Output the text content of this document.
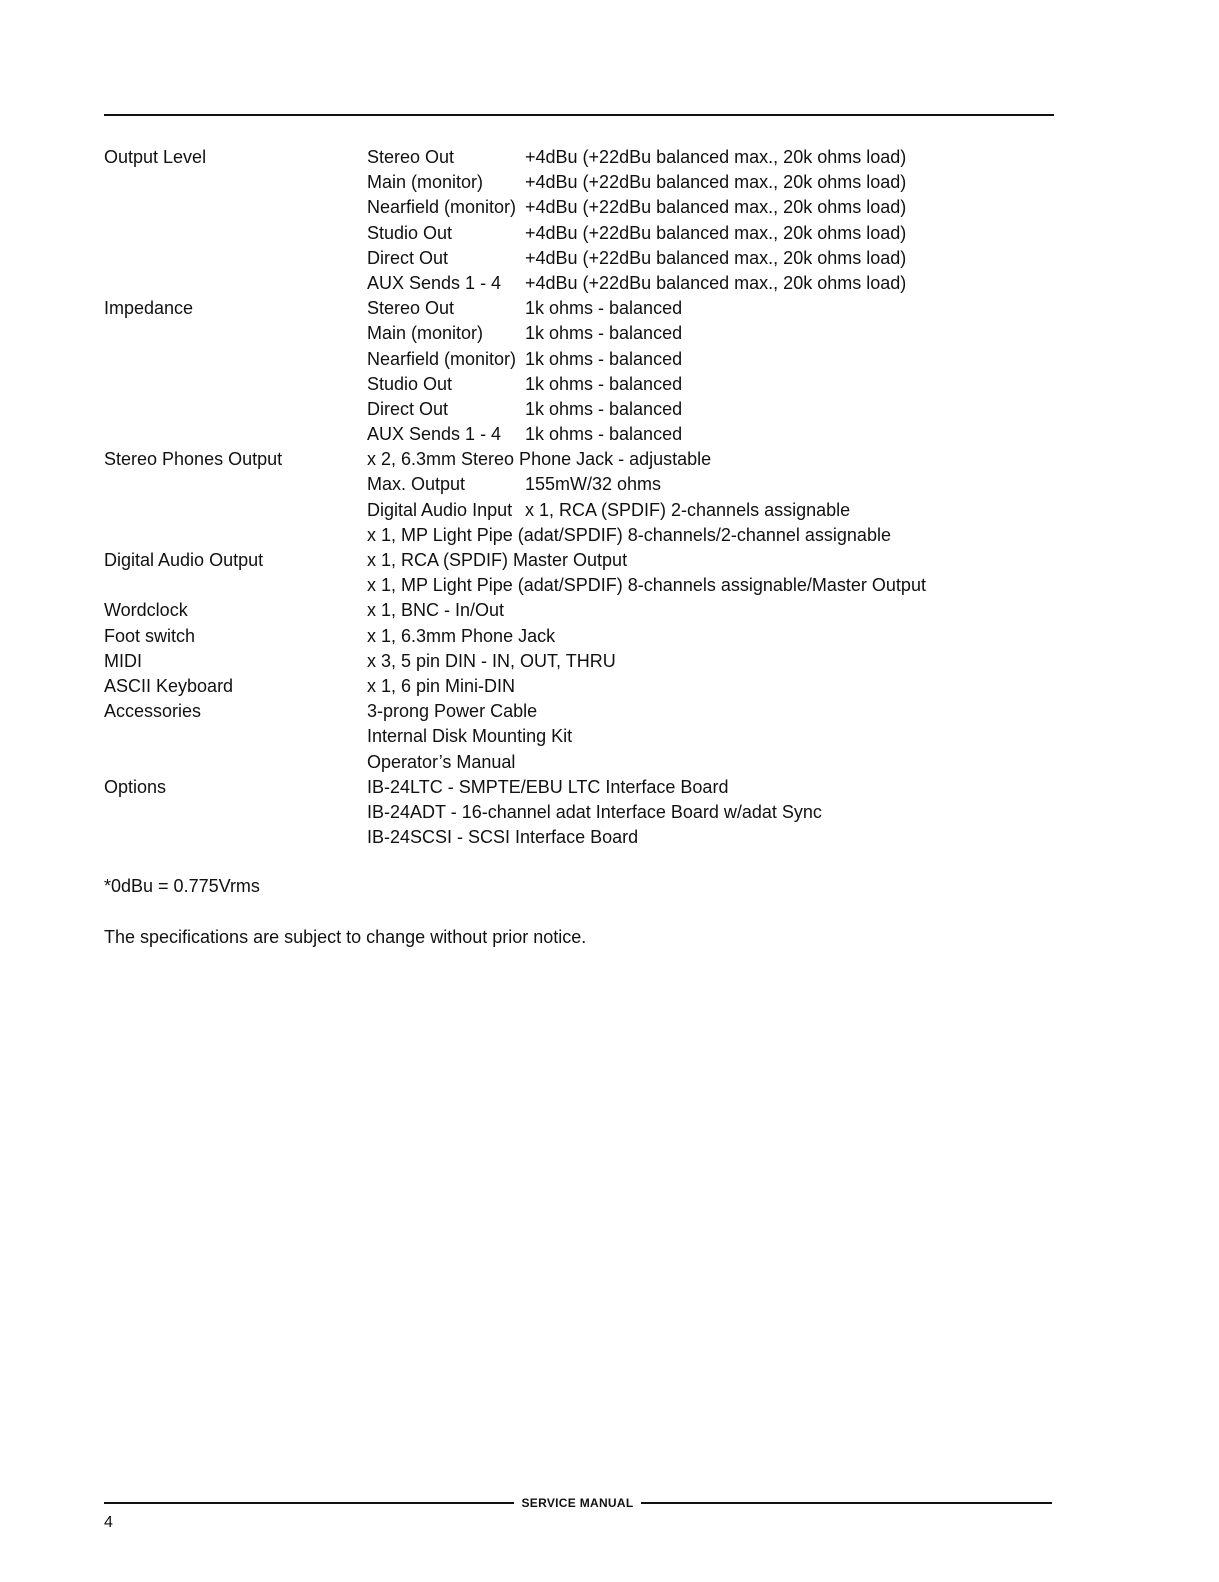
Output Level	Stereo Out	+4dBu (+22dBu balanced max., 20k ohms load)
Main (monitor) +4dBu (+22dBu balanced max., 20k ohms load)
Nearfield (monitor) +4dBu (+22dBu balanced max., 20k ohms load)
Studio Out	+4dBu (+22dBu balanced max., 20k ohms load)
Direct Out	+4dBu (+22dBu balanced max., 20k ohms load)
AUX Sends 1 - 4 +4dBu (+22dBu balanced max., 20k ohms load)
Impedance	Stereo Out	1k ohms - balanced
Main (monitor) 1k ohms - balanced
Nearfield (monitor) 1k ohms - balanced
Studio Out	1k ohms - balanced
Direct Out	1k ohms - balanced
AUX Sends 1 - 4 1k ohms - balanced
Stereo Phones Output	x 2, 6.3mm Stereo Phone Jack - adjustable
Max. Output	155mW/32 ohms
Digital Audio Input x 1, RCA (SPDIF) 2-channels assignable
x 1, MP Light Pipe (adat/SPDIF) 8-channels/2-channel assignable
Digital Audio Output	x 1, RCA (SPDIF) Master Output
x 1, MP Light Pipe (adat/SPDIF) 8-channels assignable/Master Output
Wordclock	x 1, BNC - In/Out
Foot switch	x 1, 6.3mm Phone Jack
MIDI	x 3, 5 pin DIN - IN, OUT, THRU
ASCII Keyboard	x 1, 6 pin Mini-DIN
Accessories	3-prong Power Cable
Internal Disk Mounting Kit
Operator’s Manual
Options	IB-24LTC - SMPTE/EBU LTC Interface Board
IB-24ADT - 16-channel adat Interface Board w/adat Sync
IB-24SCSI - SCSI Interface Board
*0dBu = 0.775Vrms
The specifications are subject to change without prior notice.
SERVICE MANUAL
4
